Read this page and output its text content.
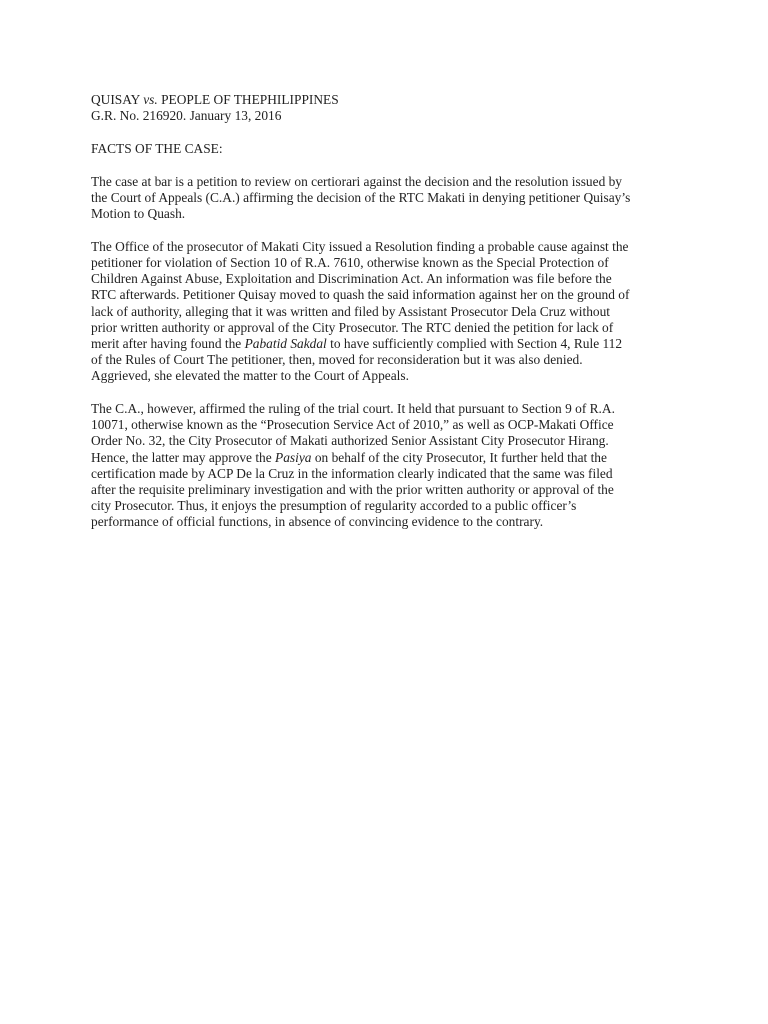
QUISAY vs. PEOPLE OF THEPHILIPPINES
G.R. No. 216920. January 13, 2016
FACTS OF THE CASE:
The case at bar is a petition to review on certiorari against the decision and the resolution issued by
the Court of Appeals (C.A.) affirming the decision of the RTC Makati in denying petitioner Quisay’s
Motion to Quash.
The Office of the prosecutor of Makati City issued a Resolution finding a probable cause against the
petitioner for violation of Section 10 of R.A. 7610, otherwise known as the Special Protection of
Children Against Abuse, Exploitation and Discrimination Act. An information was file before the
RTC afterwards. Petitioner Quisay moved to quash the said information against her on the ground of
lack of authority, alleging that it was written and filed by Assistant Prosecutor Dela Cruz without
prior written authority or approval of the City Prosecutor. The RTC denied the petition for lack of
merit after having found the Pabatid Sakdal to have sufficiently complied with Section 4, Rule 112
of the Rules of Court The petitioner, then, moved for reconsideration but it was also denied.
Aggrieved, she elevated the matter to the Court of Appeals.
The C.A., however, affirmed the ruling of the trial court. It held that pursuant to Section 9 of R.A.
10071, otherwise known as the “Prosecution Service Act of 2010,” as well as OCP-Makati Office
Order No. 32, the City Prosecutor of Makati authorized Senior Assistant City Prosecutor Hirang.
Hence, the latter may approve the Pasiya on behalf of the city Prosecutor, It further held that the
certification made by ACP De la Cruz in the information clearly indicated that the same was filed
after the requisite preliminary investigation and with the prior written authority or approval of the
city Prosecutor. Thus, it enjoys the presumption of regularity accorded to a public officer’s
performance of official functions, in absence of convincing evidence to the contrary.
